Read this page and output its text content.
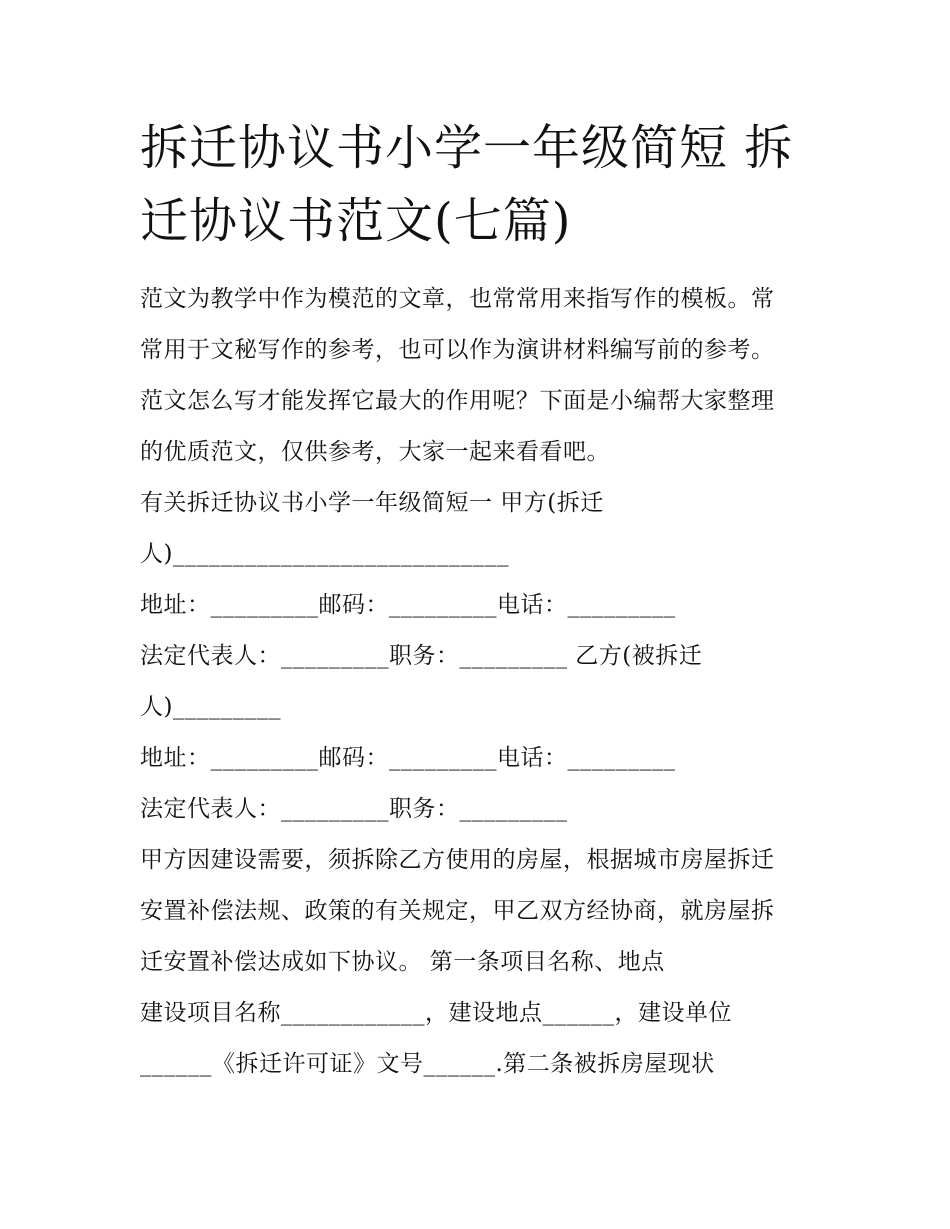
拆迁协议书小学一年级简短 拆
迁协议书范文(七篇)
范文为教学中作为模范的文章，也常常用来指写作的模板。常
常用于文秘写作的参考，也可以作为演讲材料编写前的参考。
范文怎么写才能发挥它最大的作用呢？下面是小编帮大家整理
的优质范文，仅供参考，大家一起来看看吧。
有关拆迁协议书小学一年级简短一 甲方(拆迁
人)____________________________
地址：_________邮码：_________电话：_________
法定代表人：_________职务：_________ 乙方(被拆迁
人)_________
地址：_________邮码：_________电话：_________
法定代表人：_________职务：_________
甲方因建设需要，须拆除乙方使用的房屋，根据城市房屋拆迁
安置补偿法规、政策的有关规定，甲乙双方经协商，就房屋拆
迁安置补偿达成如下协议。 第一条项目名称、地点
建设项目名称____________，建设地点______，建设单位
______《拆迁许可证》文号______.第二条被拆房屋现状
